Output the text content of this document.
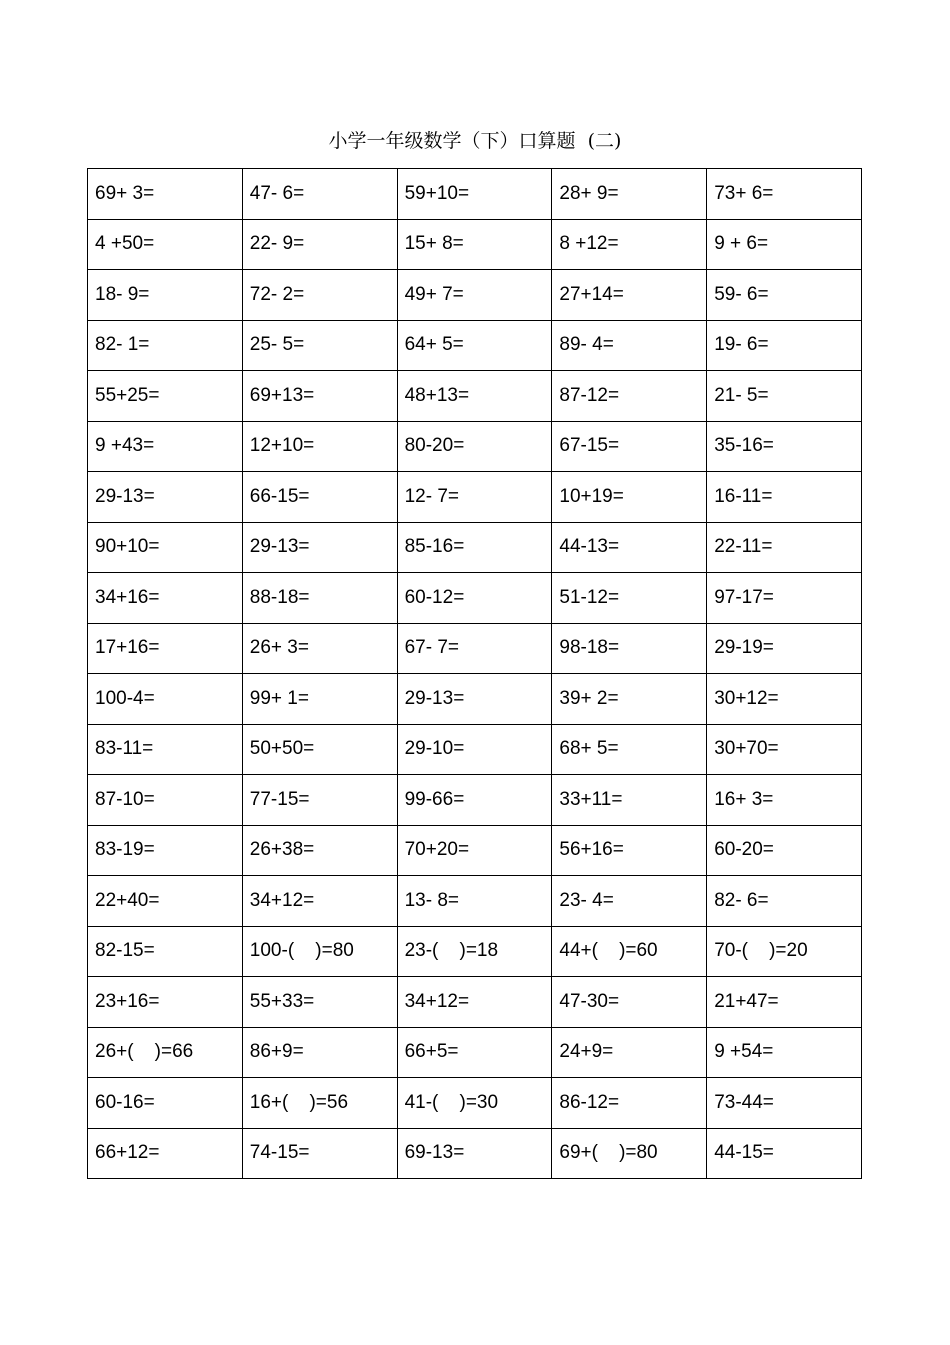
小学一年级数学（下）口算题  (二)
69+ 3=	47- 6=	59+10=	28+ 9=	73+ 6=
4 +50=	22- 9=	15+ 8=	8 +12=	9 + 6=
18- 9=	72- 2=	49+ 7=	27+14=	59- 6=
82- 1=	25- 5=	64+ 5=	89- 4=	19- 6=
55+25=	69+13=	48+13=	87-12=	21- 5=
9 +43=	12+10=	80-20=	67-15=	35-16=
29-13=	66-15=	12- 7=	10+19=	16-11=
90+10=	29-13=	85-16=	44-13=	22-11=
34+16=	88-18=	60-12=	51-12=	97-17=
17+16=	26+ 3=	67- 7=	98-18=	29-19=
100-4=	99+ 1=	29-13=	39+ 2=	30+12=
83-11=	50+50=	29-10=	68+ 5=	30+70=
87-10=	77-15=	99-66=	33+11=	16+ 3=
83-19=	26+38=	70+20=	56+16=	60-20=
22+40=	34+12=	13- 8=	23- 4=	82- 6=
82-15=	100-(    )=80	23-(    )=18	44+(    )=60	70-(    )=20
23+16=	55+33=	34+12=	47-30=	21+47=
26+(    )=66	86+9=	66+5=	24+9=	9 +54=
60-16=	16+(    )=56	41-(    )=30	86-12=	73-44=
66+12=	74-15=	69-13=	69+(    )=80	44-15=
